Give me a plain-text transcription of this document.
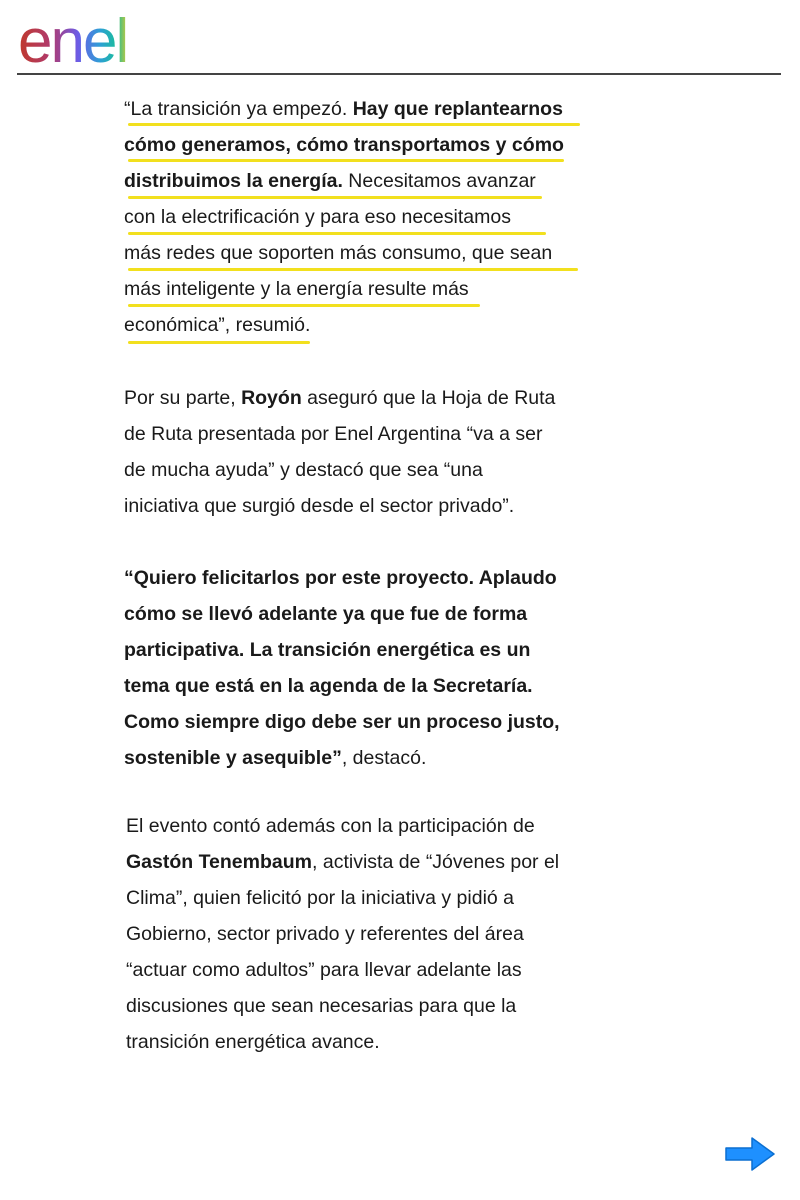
enel
“La transición ya empezó. Hay que replantearnos
cómo generamos, cómo transportamos y cómo
distribuimos la energía. Necesitamos avanzar
con la electrificación y para eso necesitamos
más redes que soporten más consumo, que sean
más inteligente y la energía resulte más
económica”, resumió.
Por su parte, Royón aseguró que la Hoja de Ruta
de Ruta presentada por Enel Argentina “va a ser
de mucha ayuda” y destacó que sea “una
iniciativa que surgió desde el sector privado”.
“Quiero felicitarlos por este proyecto. Aplaudo
cómo se llevó adelante ya que fue de forma
participativa. La transición energética es un
tema que está en la agenda de la Secretaría.
Como siempre digo debe ser un proceso justo,
sostenible y asequible”, destacó.
El evento contó además con la participación de
Gastón Tenembaum, activista de “Jóvenes por el
Clima”, quien felicitó por la iniciativa y pidió a
Gobierno, sector privado y referentes del área
“actuar como adultos” para llevar adelante las
discusiones que sean necesarias para que la
transición energética avance.
